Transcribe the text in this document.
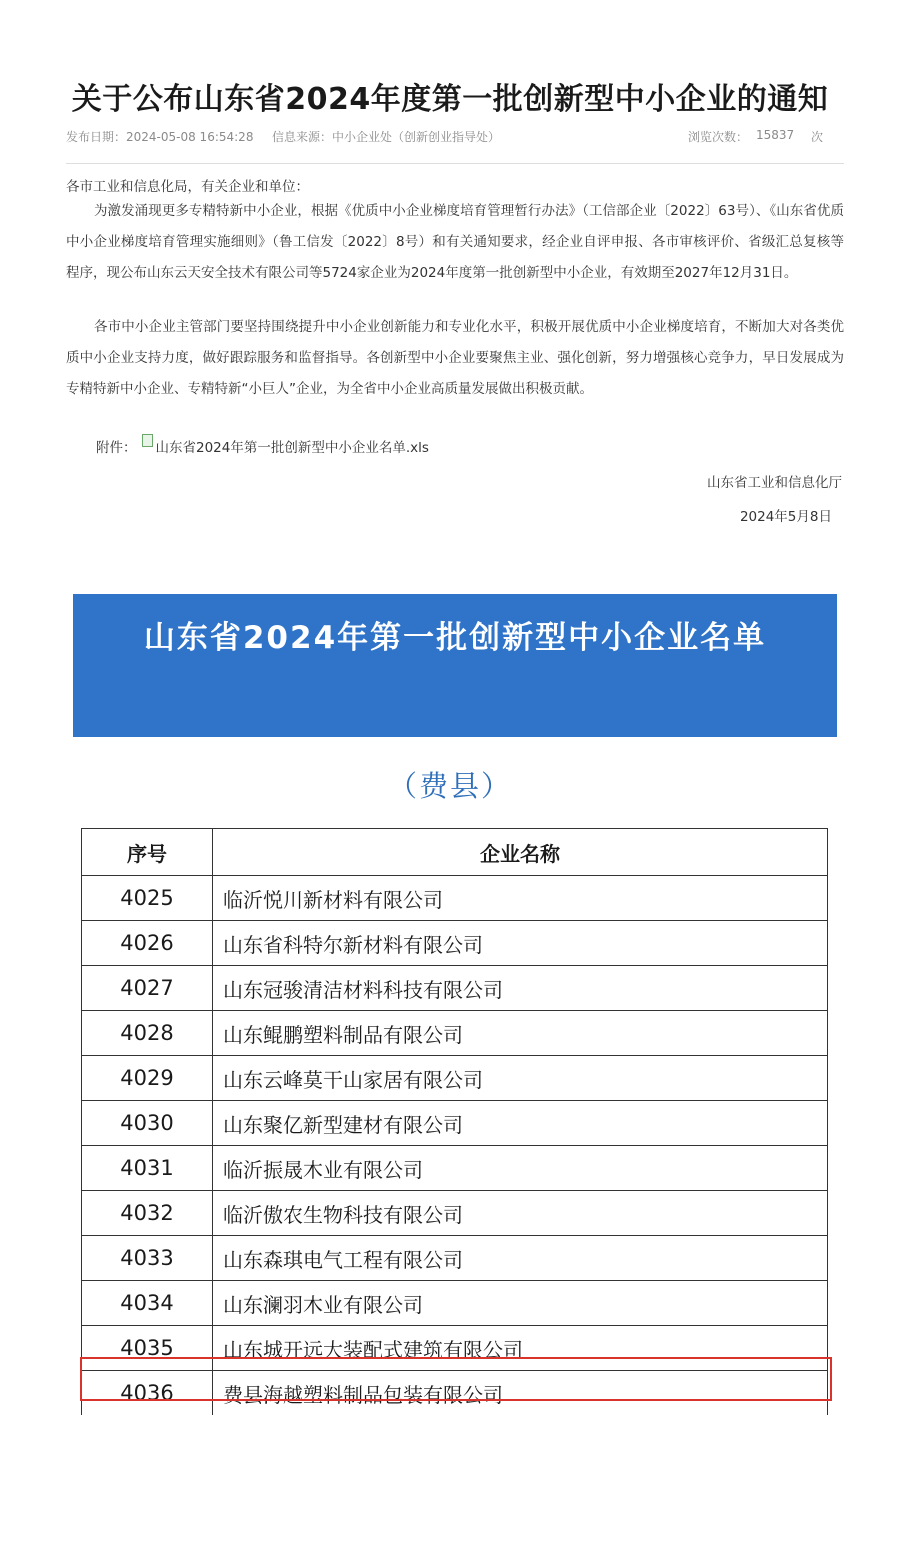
关于公布山东省2024年度第一批创新型中小企业的通知
发布日期：2024-05-08 16:54:28 信息来源：中小企业处（创新创业指导处）	浏览次数： 15837 次
各市工业和信息化局，有关企业和单位：
为激发涌现更多专精特新中小企业，根据《优质中小企业梯度培育管理暂行办法》（工信部企业〔2022〕63号）、《山东省优质中小企业梯度培育管理实施细则》（鲁工信发〔2022〕8号）和有关通知要求，经企业自评申报、各市审核评价、省级汇总复核等程序，现公布山东云天安全技术有限公司等5724家企业为2024年度第一批创新型中小企业，有效期至2027年12月31日。
各市中小企业主管部门要坚持围绕提升中小企业创新能力和专业化水平，积极开展优质中小企业梯度培育，不断加大对各类优质中小企业支持力度，做好跟踪服务和监督指导。各创新型中小企业要聚焦主业、强化创新，努力增强核心竞争力，早日发展成为专精特新中小企业、专精特新“小巨人”企业，为全省中小企业高质量发展做出积极贡献。
附件： 山东省2024年第一批创新型中小企业名单.xls
山东省工业和信息化厅
2024年5月8日
山东省2024年第一批创新型中小企业名单
（费县）
序号	企业名称
4025	临沂悦川新材料有限公司
4026	山东省科特尔新材料有限公司
4027	山东冠骏清洁材料科技有限公司
4028	山东鲲鹏塑料制品有限公司
4029	山东云峰莫干山家居有限公司
4030	山东聚亿新型建材有限公司
4031	临沂振晟木业有限公司
4032	临沂傲农生物科技有限公司
4033	山东森琪电气工程有限公司
4034	山东澜羽木业有限公司
4035	山东城开远大装配式建筑有限公司
4036	费县海越塑料制品包装有限公司
